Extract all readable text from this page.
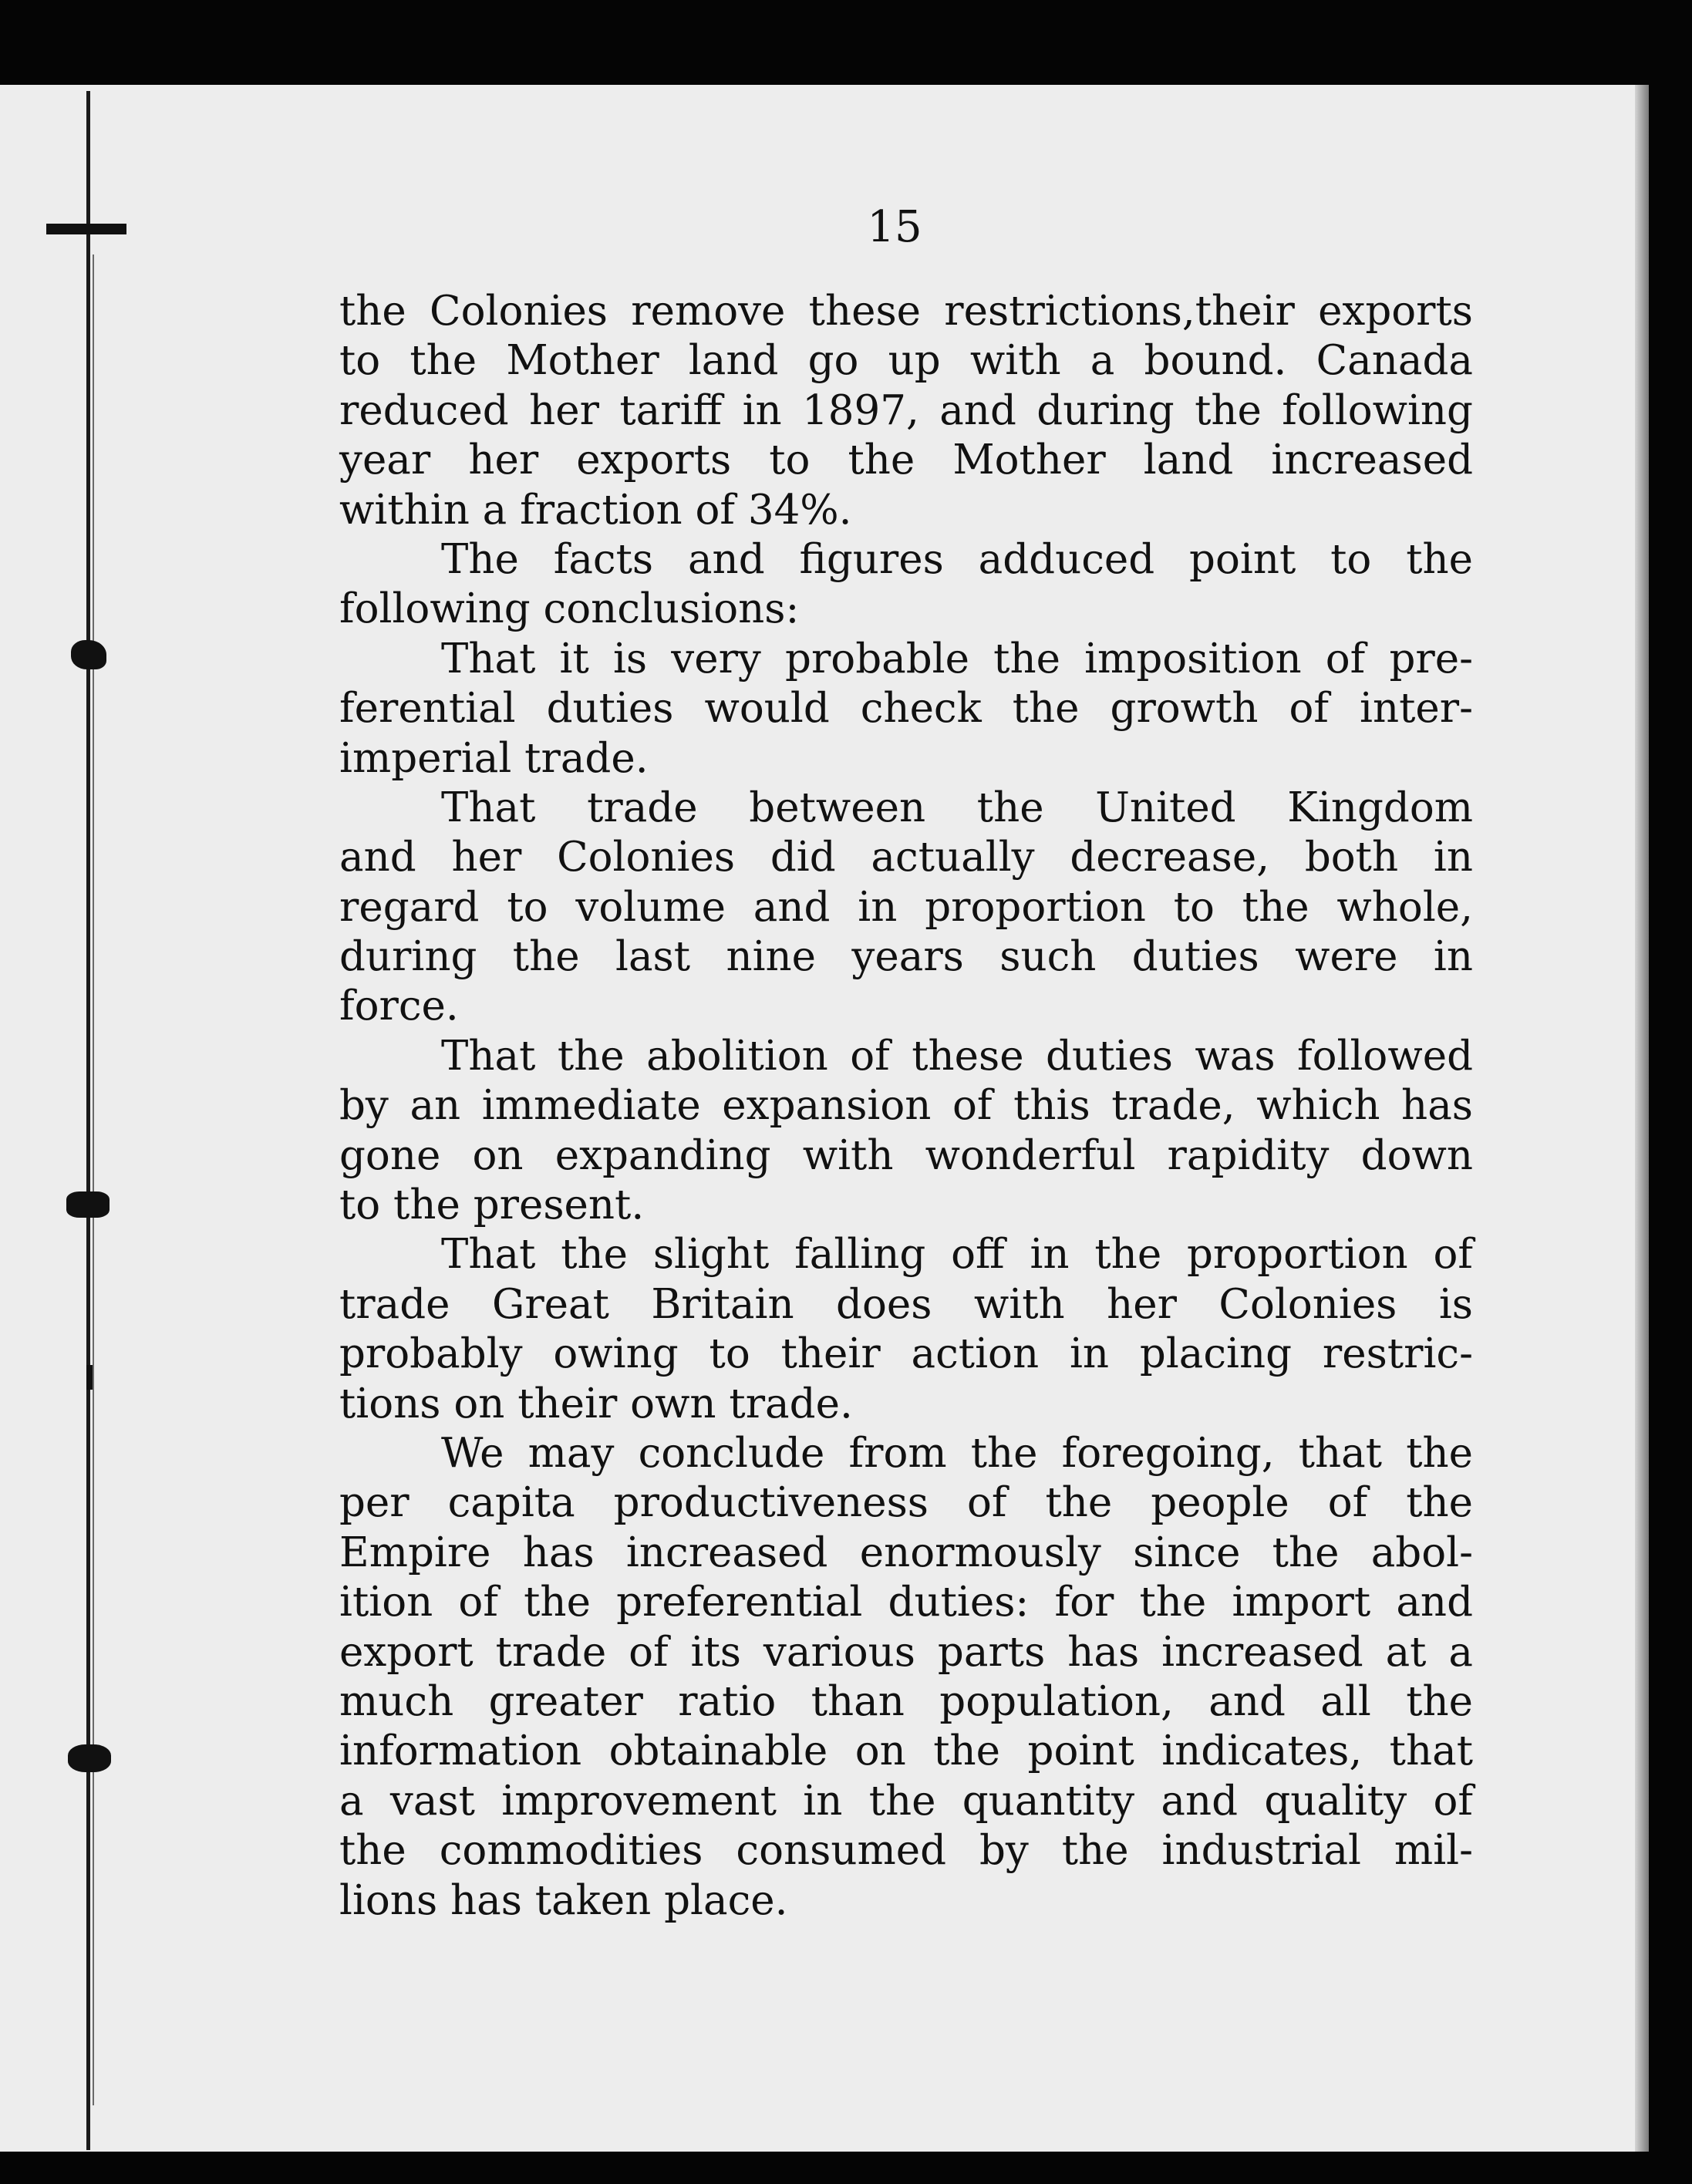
15
the Colonies remove these restrictions,their exports
to the Mother land go up with a bound. Canada
reduced her tariff in 1897, and during the following
year her exports to the Mother land increased
within a fraction of 34%.
The facts and figures adduced point to the
following conclusions:
That it is very probable the imposition of pre-
ferential duties would check the growth of inter-
imperial trade.
That trade between the United Kingdom
and her Colonies did actually decrease, both in
regard to volume and in proportion to the whole,
during the last nine years such duties were in
force.
That the abolition of these duties was followed
by an immediate expansion of this trade, which has
gone on expanding with wonderful rapidity down
to the present.
That the slight falling off in the proportion of
trade Great Britain does with her Colonies is
probably owing to their action in placing restric-
tions on their own trade.
We may conclude from the foregoing, that the
per capita productiveness of the people of the
Empire has increased enormously since the abol-
ition of the preferential duties: for the import and
export trade of its various parts has increased at a
much greater ratio than population, and all the
information obtainable on the point indicates, that
a vast improvement in the quantity and quality of
the commodities consumed by the industrial mil-
lions has taken place.
